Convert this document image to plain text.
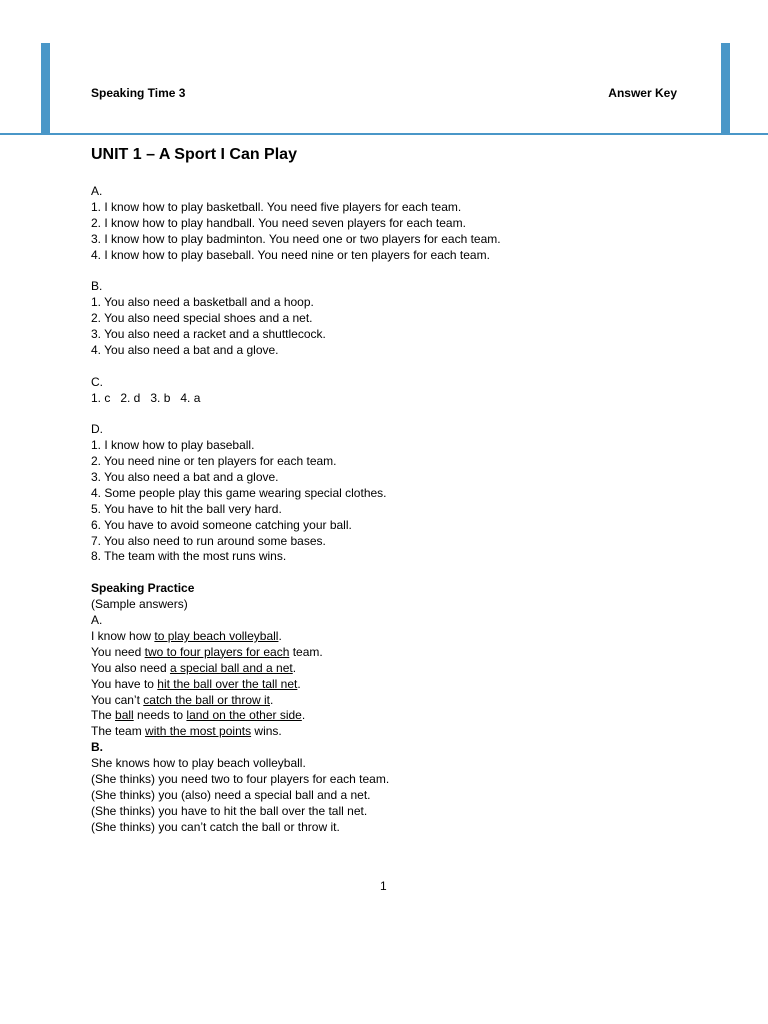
Speaking Time 3	Answer Key
UNIT 1 – A Sport I Can Play
A.
1. I know how to play basketball. You need five players for each team.
2. I know how to play handball. You need seven players for each team.
3. I know how to play badminton. You need one or two players for each team.
4. I know how to play baseball. You need nine or ten players for each team.
B.
1. You also need a basketball and a hoop.
2. You also need special shoes and a net.
3. You also need a racket and a shuttlecock.
4. You also need a bat and a glove.
C.
1. c   2. d   3. b   4. a
D.
1. I know how to play baseball.
2. You need nine or ten players for each team.
3. You also need a bat and a glove.
4. Some people play this game wearing special clothes.
5. You have to hit the ball very hard.
6. You have to avoid someone catching your ball.
7. You also need to run around some bases.
8. The team with the most runs wins.
Speaking Practice
(Sample answers)
A.
I know how to play beach volleyball.
You need two to four players for each team.
You also need a special ball and a net.
You have to hit the ball over the tall net.
You can’t catch the ball or throw it.
The ball needs to land on the other side.
The team with the most points wins.
B.
She knows how to play beach volleyball.
(She thinks) you need two to four players for each team.
(She thinks) you (also) need a special ball and a net.
(She thinks) you have to hit the ball over the tall net.
(She thinks) you can’t catch the ball or throw it.
1
